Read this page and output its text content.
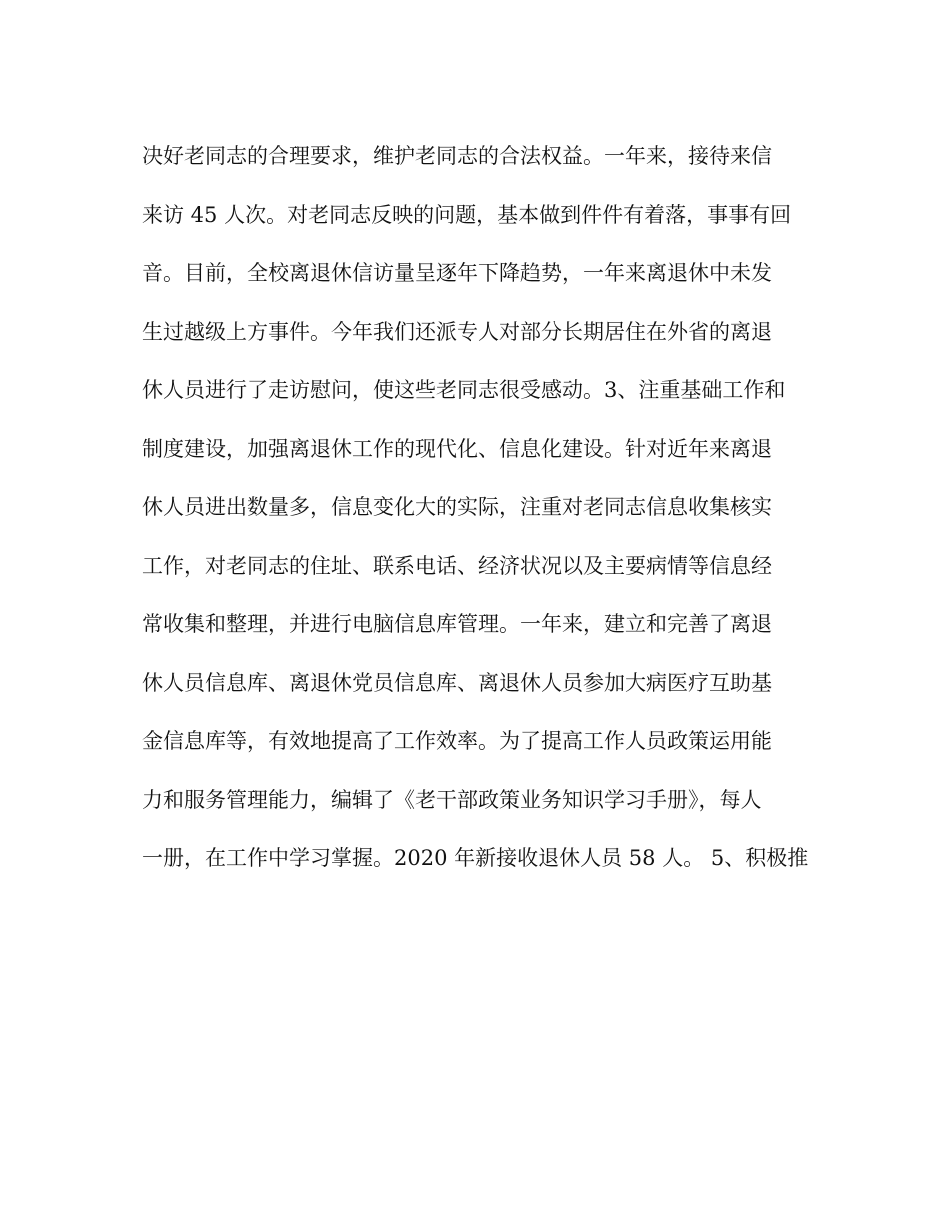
决好老同志的合理要求，维护老同志的合法权益。一年来，接待来信
来访 45 人次。对老同志反映的问题，基本做到件件有着落，事事有回
音。目前，全校离退休信访量呈逐年下降趋势，一年来离退休中未发
生过越级上方事件。今年我们还派专人对部分长期居住在外省的离退
休人员进行了走访慰问，使这些老同志很受感动。3、注重基础工作和
制度建设，加强离退休工作的现代化、信息化建设。针对近年来离退
休人员进出数量多，信息变化大的实际，注重对老同志信息收集核实
工作，对老同志的住址、联系电话、经济状况以及主要病情等信息经
常收集和整理，并进行电脑信息库管理。一年来，建立和完善了离退
休人员信息库、离退休党员信息库、离退休人员参加大病医疗互助基
金信息库等，有效地提高了工作效率。为了提高工作人员政策运用能
力和服务管理能力，编辑了《老干部政策业务知识学习手册》，每人
一册，在工作中学习掌握。2020 年新接收退休人员 58 人。 5、积极推
